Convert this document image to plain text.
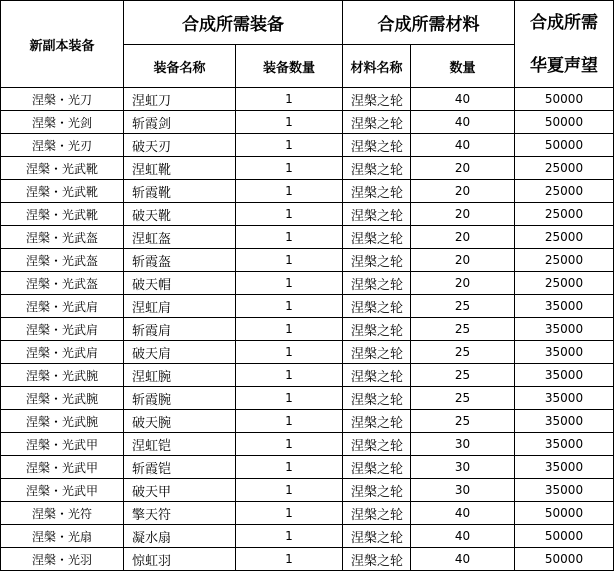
新副本装备	合成所需装备		合成所需材料		合成所需
华夏声望

	装备名称	装备数量	材料名称	数量	
涅槃・光刀	涅虹刀	1	涅槃之轮	40	50000
涅槃・光剑	斩霞剑	1	涅槃之轮	40	50000
涅槃・光刃	破天刃	1	涅槃之轮	40	50000
涅槃・光武靴	涅虹靴	1	涅槃之轮	20	25000
涅槃・光武靴	斩霞靴	1	涅槃之轮	20	25000
涅槃・光武靴	破天靴	1	涅槃之轮	20	25000
涅槃・光武盔	涅虹盔	1	涅槃之轮	20	25000
涅槃・光武盔	斩霞盔	1	涅槃之轮	20	25000
涅槃・光武盔	破天帽	1	涅槃之轮	20	25000
涅槃・光武肩	涅虹肩	1	涅槃之轮	25	35000
涅槃・光武肩	斩霞肩	1	涅槃之轮	25	35000
涅槃・光武肩	破天肩	1	涅槃之轮	25	35000
涅槃・光武腕	涅虹腕	1	涅槃之轮	25	35000
涅槃・光武腕	斩霞腕	1	涅槃之轮	25	35000
涅槃・光武腕	破天腕	1	涅槃之轮	25	35000
涅槃・光武甲	涅虹铠	1	涅槃之轮	30	35000
涅槃・光武甲	斩霞铠	1	涅槃之轮	30	35000
涅槃・光武甲	破天甲	1	涅槃之轮	30	35000
涅槃・光符	擎天符	1	涅槃之轮	40	50000
涅槃・光扇	凝水扇	1	涅槃之轮	40	50000
涅槃・光羽	惊虹羽	1	涅槃之轮	40	50000
